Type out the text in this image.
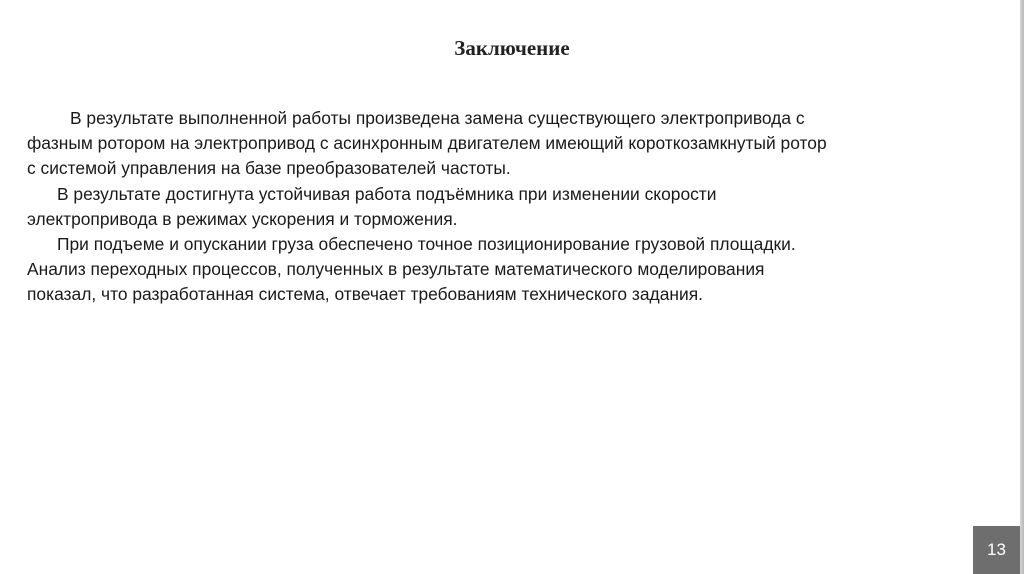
Заключение
В результате выполненной работы произведена замена существующего электропривода с
фазным ротором на электропривод с асинхронным двигателем имеющий короткозамкнутый ротор
с системой управления на базе преобразователей частоты.
В результате достигнута устойчивая работа подъёмника при изменении скорости
электропривода в режимах ускорения и торможения.
При подъеме и опускании груза обеспечено точное позиционирование грузовой площадки.
Анализ переходных процессов, полученных в результате математического моделирования
показал, что разработанная система, отвечает требованиям технического задания.
13
